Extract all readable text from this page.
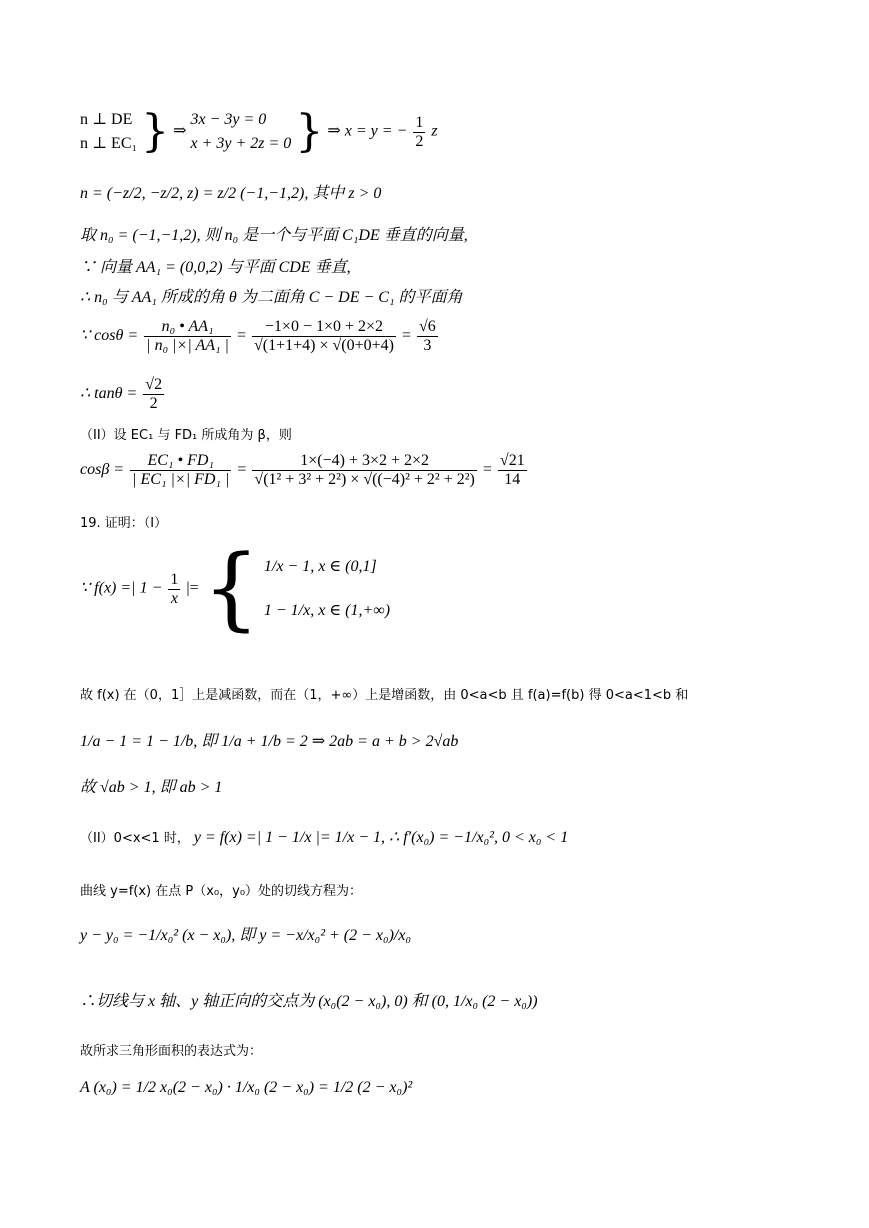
n ⊥ DE
n ⊥ EC₁ } ⇒
3x − 3y = 0
x + 3y + 2z = 0 } ⇒ x = y = − $\frac{1}{2}$ z
n = (−z/2, −z/2, z) = z/2 (−1,−1,2), 其中 z > 0
取 n₀ = (−1,−1,2), 则 n₀ 是一个与平面 C₁DE 垂直的向量,
∵ 向量 AA₁ = (0,0,2) 与平面 CDE 垂直,
∴ n₀ 与 AA₁ 所成的角 θ 为二面角 C − DE − C₁ 的平面角
∵ $\cos\theta = \frac{\text{n₀ • AA₁}}{\text{| n₀ |×| AA₁ |}} = \frac{-1\times 0 - 1\times 0 + 2\times 2}{√(1+1+4) \times √(0+0+4)} = \frac{√6}{3}$
∴ $\tan\theta = \frac{√2}{2}$
（II）设 EC₁ 与 FD₁ 所成角为 β，则
$\cos\beta = \frac{\text{EC₁ • FD₁}}{\text{| EC₁ |×| FD₁ |}} = \frac{1\times(-4) + 3\times 2 + 2\times 2}{\text{√(1² + 3² + 2²) × √((−4)² + 2² + 2²)}} = \frac{√21}{14}$
19. 证明：（I）
∵ f(x) =| $1 - \frac{1}{x}$ |= { 1/x − 1, x ∈ (0,1]
1 − 1/x, x ∈ (1,+∞)
故 f(x) 在（0，1］上是减函数，而在（1，+∞）上是增函数，由 0<a<b 且 f(a)=f(b) 得 0<a<1<b 和
1/a − 1 = 1 − 1/b, 即 1/a + 1/b = 2 ⇒ 2ab = a + b > 2√ab
故 √ab > 1, 即 ab > 1
（II）0<x<1 时， y = f(x) =| 1 − 1/x |= 1/x − 1, ∴ f′(x₀) = −1/x₀², 0 < x₀ < 1
曲线 y=f(x) 在点 P（x₀，y₀）处的切线方程为：
y − y₀ = −1/x₀² (x − x₀), 即 y = −x/x₀² + (2 − x₀)/x₀
∴切线与 x 轴、y 轴正向的交点为 (x₀(2 − x₀), 0) 和 (0, 1/x₀ (2 − x₀))
故所求三角形面积的表达式为：
A (x₀) = 1/2 x₀(2 − x₀) · 1/x₀ (2 − x₀) = 1/2 (2 − x₀)²
